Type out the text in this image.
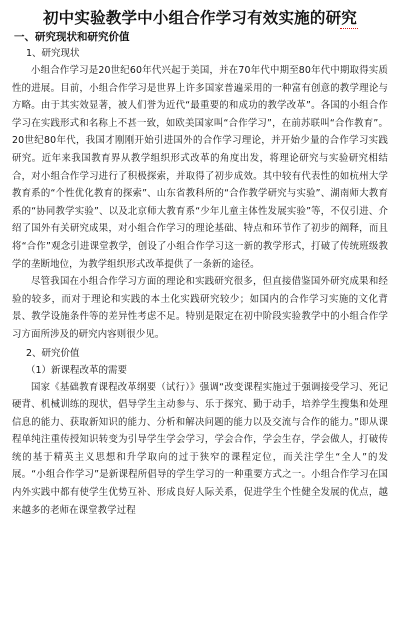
初中实验教学中小组合作学习有效实施的研究
一、研究现状和研究价值
1、研究现状

小组合作学习是20世纪60年代兴起于美国，并在70年代中期至80年代中期取得实质性的进展。目前，小组合作学习是世界上许多国家普遍采用的一种富有创意的教学理论与方略。由于其实效显著，被人们誉为近代“最重要的和成功的教学改革”。各国的小组合作学习在实践形式和名称上不甚一致，如欧美国家叫“合作学习”，在前苏联叫“合作教育”。20世纪80年代，我国才刚刚开始引进国外的合作学习理论，并开始少量的合作学习实践研究。近年来我国教育界从教学组织形式改革的角度出发，将理论研究与实验研究相结合，对小组合作学习进行了积极探索，并取得了初步成效。其中较有代表性的如杭州大学教育系的“个性优化教育的探索”、山东省教科所的“合作教学研究与实验”、湖南师大教育系的“协同教学实验”、以及北京师大教育系“少年儿童主体性发展实验”等，不仅引进、介绍了国外有关研究成果，对小组合作学习的理论基础、特点和环节作了初步的阐释，而且将“合作”观念引进课堂教学，创设了小组合作学习这一新的教学形式，打破了传统班级教学的垄断地位，为教学组织形式改革提供了一条新的途径。

尽管我国在小组合作学习方面的理论和实践研究很多，但直接借鉴国外研究成果和经验的较多，而对于理论和实践的本土化实践研究较少；如国内的合作学习实施的文化背景、教学设施条件等的差异性考虑不足。特别是限定在初中阶段实验教学中的小组合作学习方面所涉及的研究内容则很少见。

2、研究价值
（1）新课程改革的需要

国家《基础教育课程改革纲要（试行）》强调“改变课程实施过于强调接受学习、死记硬背、机械训练的现状，倡导学生主动参与、乐于探究、勤于动手，培养学生搜集和处理信息的能力、获取新知识的能力、分析和解决问题的能力以及交流与合作的能力。”即从课程单纯注重传授知识转变为引导学生学会学习，学会合作，学会生存，学会做人，打破传统的基于精英主义思想和升学取向的过于狭窄的课程定位，而关注学生“全人”的发展。“小组合作学习”是新课程所倡导的学生学习的一种重要方式之一。小组合作学习在国内外实践中都有使学生优势互补、形成良好人际关系，促进学生个性健全发展的优点，越来越多的老师在课堂教学过程
